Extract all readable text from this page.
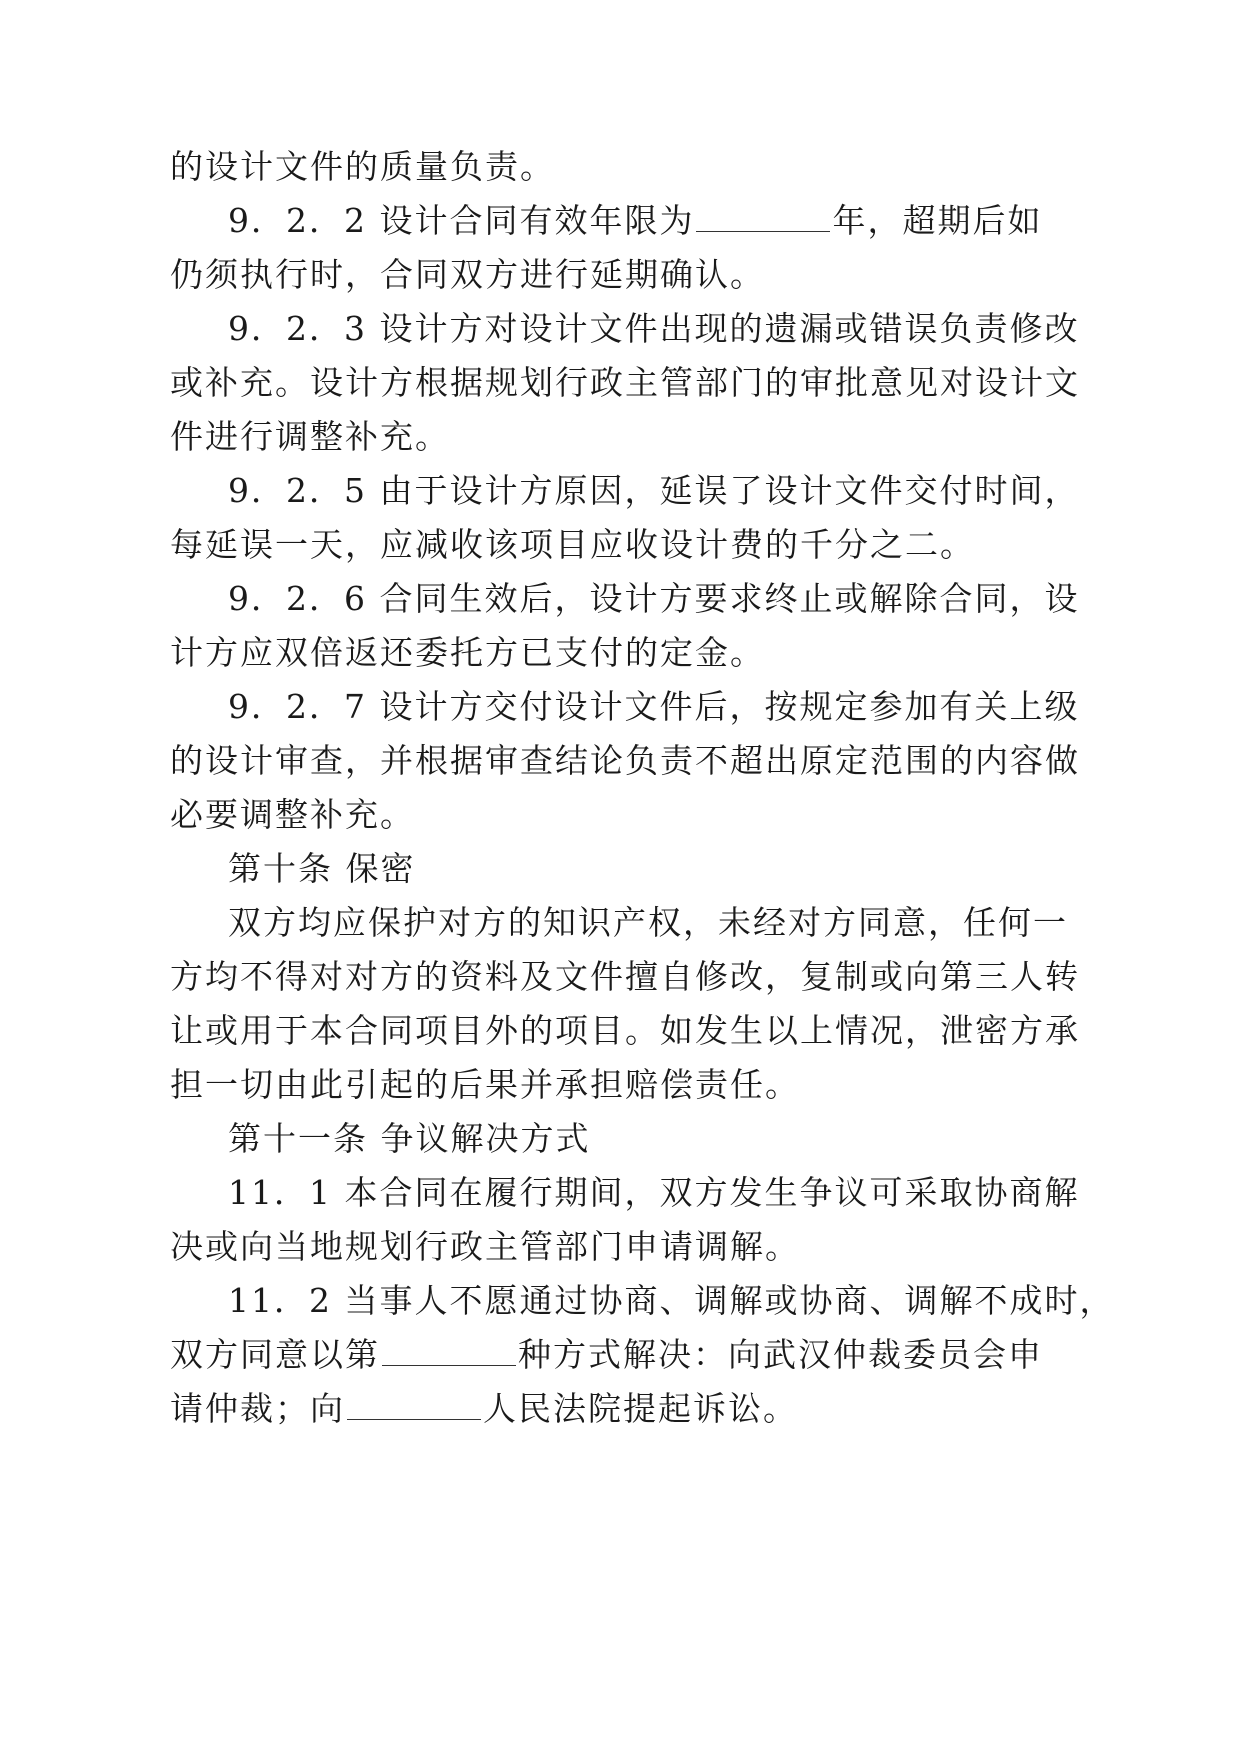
的设计文件的质量负责。
9．2．2 设计合同有效年限为	年，超期后如
仍须执行时，合同双方进行延期确认。
9．2．3 设计方对设计文件出现的遗漏或错误负责修改
或补充。设计方根据规划行政主管部门的审批意见对设计文
件进行调整补充。
9．2．5 由于设计方原因，延误了设计文件交付时间，
每延误一天，应减收该项目应收设计费的千分之二。
9．2．6 合同生效后，设计方要求终止或解除合同，设
计方应双倍返还委托方已支付的定金。
9．2．7 设计方交付设计文件后，按规定参加有关上级
的设计审查，并根据审查结论负责不超出原定范围的内容做
必要调整补充。
第十条 保密
双方均应保护对方的知识产权，未经对方同意，任何一
方均不得对对方的资料及文件擅自修改，复制或向第三人转
让或用于本合同项目外的项目。如发生以上情况，泄密方承
担一切由此引起的后果并承担赔偿责任。
第十一条 争议解决方式
11．1 本合同在履行期间，双方发生争议可采取协商解
决或向当地规划行政主管部门申请调解。
11．2 当事人不愿通过协商、调解或协商、调解不成时，
双方同意以第	种方式解决：向武汉仲裁委员会申
请仲裁；向	人民法院提起诉讼。
